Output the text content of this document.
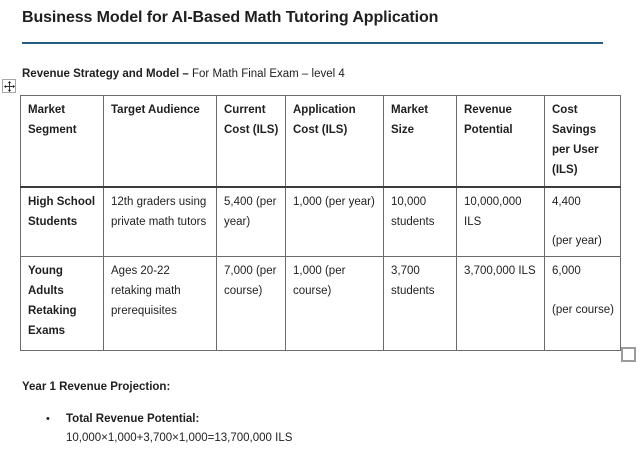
Business Model for AI-Based Math Tutoring Application

Revenue Strategy and Model – For Math Final Exam – level 4

Market Segment	Target Audience	Current Cost (ILS)	Application Cost (ILS)	Market Size	Revenue Potential	Cost Savings per User (ILS)
High School Students	12th graders using private math tutors	5,400 (per year)	1,000 (per year)	10,000 students	10,000,000 ILS	4,400
(per year)

Young Adults Retaking Exams	Ages 20-22 retaking math prerequisites	7,000 (per course)	1,000 (per course)	3,700 students	3,700,000 ILS	6,000
(per course)

Year 1 Revenue Projection:

•	Total Revenue Potential:
10,000×1,000+3,700×1,000=13,700,000 ILS
